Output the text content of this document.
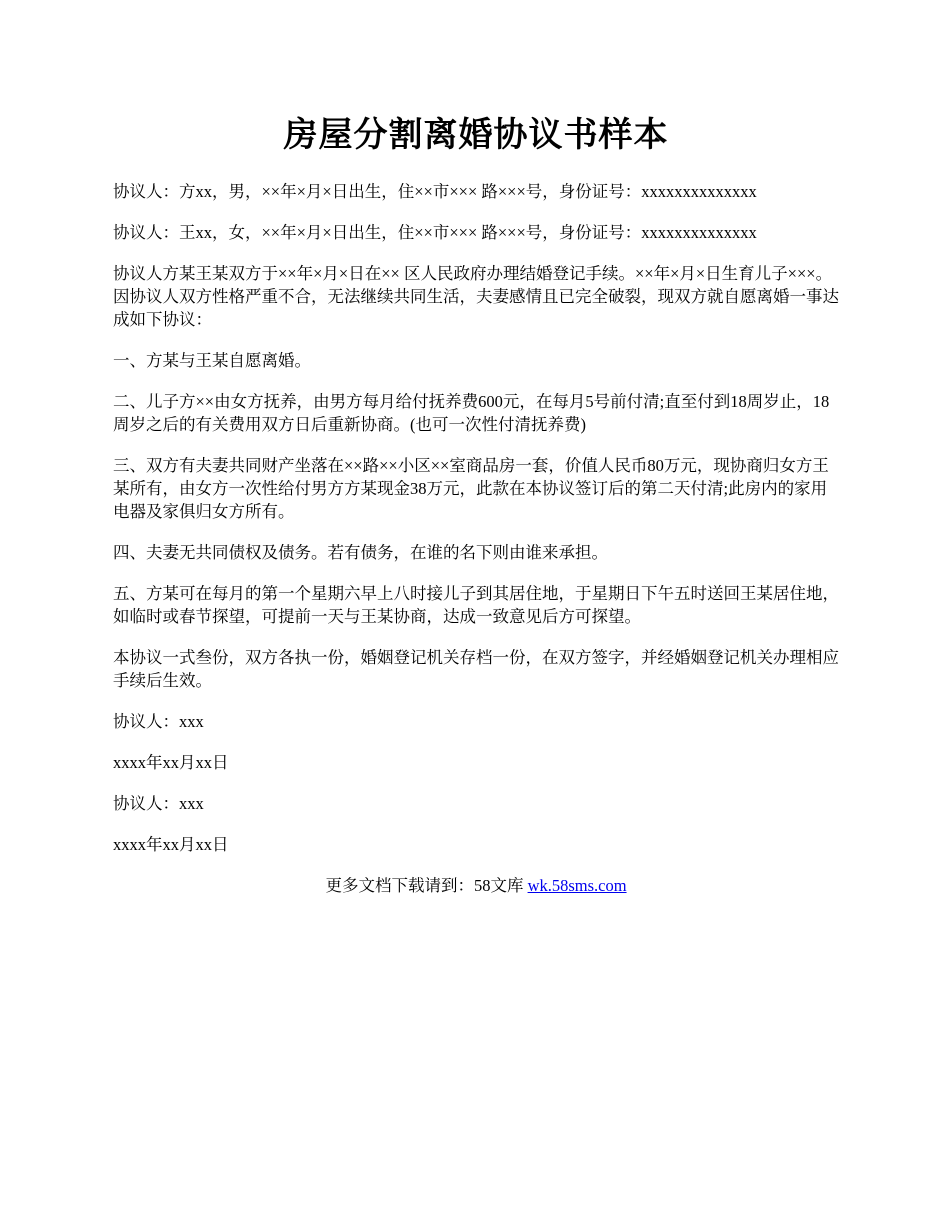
房屋分割离婚协议书样本

协议人：方xx，男，××年×月×日出生，住××市××× 路×××号，身份证号：xxxxxxxxxxxxxx

协议人：王xx，女，××年×月×日出生，住××市××× 路×××号，身份证号：xxxxxxxxxxxxxx

协议人方某王某双方于××年×月×日在×× 区人民政府办理结婚登记手续。××年×月×日生育儿子×××。因协议人双方性格严重不合，无法继续共同生活，夫妻感情且已完全破裂，现双方就自愿离婚一事达成如下协议：

一、方某与王某自愿离婚。

二、儿子方××由女方抚养，由男方每月给付抚养费600元，在每月5号前付清;直至付到18周岁止，18周岁之后的有关费用双方日后重新协商。(也可一次性付清抚养费)

三、双方有夫妻共同财产坐落在××路××小区××室商品房一套，价值人民币80万元，现协商归女方王某所有，由女方一次性给付男方方某现金38万元，此款在本协议签订后的第二天付清;此房内的家用电器及家俱归女方所有。

四、夫妻无共同债权及债务。若有债务，在谁的名下则由谁来承担。

五、方某可在每月的第一个星期六早上八时接儿子到其居住地，于星期日下午五时送回王某居住地，如临时或春节探望，可提前一天与王某协商，达成一致意见后方可探望。

本协议一式叁份，双方各执一份，婚姻登记机关存档一份，在双方签字，并经婚姻登记机关办理相应手续后生效。

协议人：xxx

xxxx年xx月xx日

协议人：xxx

xxxx年xx月xx日

更多文档下载请到：58文库 wk.58sms.com
